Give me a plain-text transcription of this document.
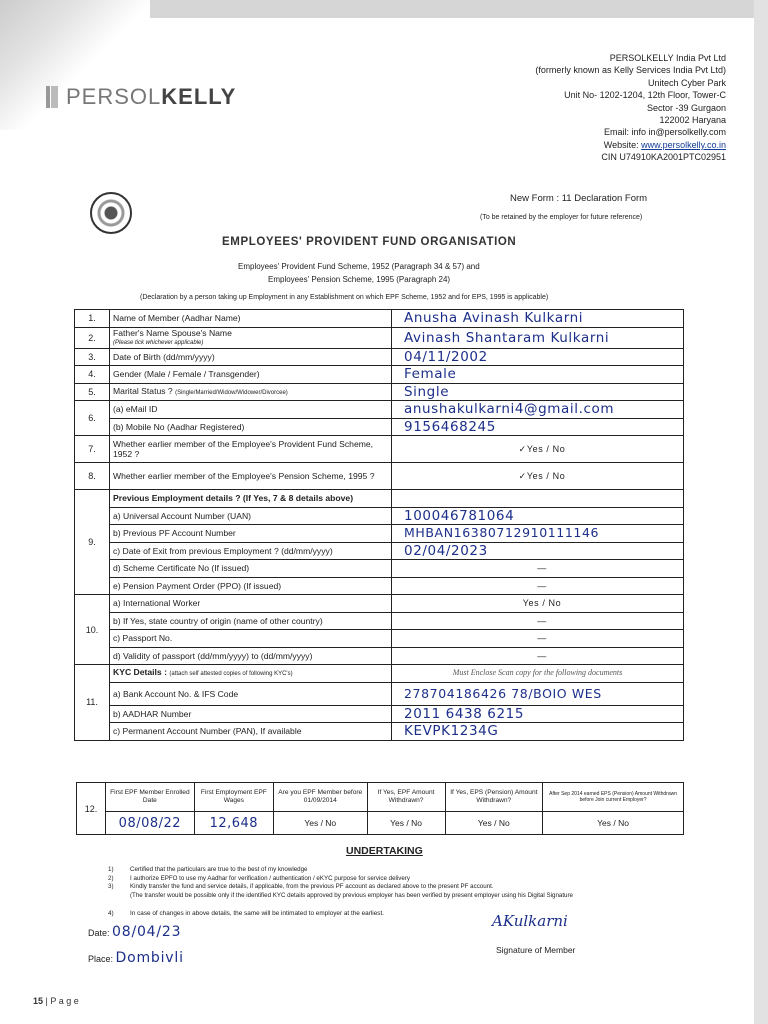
PERSOLKELLY
PERSOLKELLY India Pvt Ltd
(formerly known as Kelly Services India Pvt Ltd)
Unitech Cyber Park
Unit No- 1202-1204, 12th Floor, Tower-C
Sector -39 Gurgaon
122002 Haryana
Email: info in@persolkelly.com
Website: www.persolkelly.co.in
CIN U74910KA2001PTC02951
New Form : 11 Declaration Form
(To be retained by the employer for future reference)
EMPLOYEES' PROVIDENT FUND ORGANISATION
Employees' Provident Fund Scheme, 1952 (Paragraph 34 & 57) and
Employees' Pension Scheme, 1995 (Paragraph 24)
(Declaration by a person taking up Employment in any Establishment on which EPF Scheme, 1952 and for EPS, 1995 is applicable)
1.	Name of Member (Aadhar Name)	Anusha Avinash Kulkarni
2.	Father's Name Spouse's Name
(Please tick whichever applicable)	Avinash Shantaram Kulkarni
3.	Date of Birth (dd/mm/yyyy)	04/11/2002
4.	Gender (Male / Female / Transgender)	Female
5.	Marital Status ? (Single/Married/Widow/Widower/Divorcee)	Single
6.	(a) eMail ID	anushakulkarni4@gmail.com
	(b) Mobile No (Aadhar Registered)	9156468245
7.	Whether earlier member of the Employee's Provident Fund Scheme, 1952 ?	✓Yes / No
8.	Whether earlier member of the Employee's Pension Scheme, 1995 ?	✓Yes / No
9.	Previous Employment details ? (If Yes, 7 & 8 details above)	
	a) Universal Account Number (UAN)	100046781064
	b) Previous PF Account Number	MHBAN16380712910111146
	c) Date of Exit from previous Employment ? (dd/mm/yyyy)	02/04/2023
	d) Scheme Certificate No (If issued)	—
	e) Pension Payment Order (PPO) (If issued)	—
10.	a) International Worker	Yes / No
	b) If Yes, state country of origin (name of other country)	—
	c) Passport No.	—
	d) Validity of passport (dd/mm/yyyy) to (dd/mm/yyyy)	—
11.	KYC Details : (attach self attested copies of following KYC's)	Must Enclose Scan copy for the following documents
	a) Bank Account No. & IFS Code	278704186426 78/BOIO WES
	b) AADHAR Number	2011 6438 6215
	c) Permanent Account Number (PAN), If available	KEVPK1234G
12.	First EPF Member Enrolled Date	First Employment EPF Wages	Are you EPF Member before 01/09/2014	If Yes, EPF Amount Withdrawn?	If Yes, EPS (Pension) Amount Withdrawn?	After Sep 2014 earned EPS (Pension) Amount Withdrawn before Join current Employer?
	08/08/22	12,648	Yes / No	Yes / No	Yes / No	Yes / No
UNDERTAKING
1)	Certified that the particulars are true to the best of my knowledge
2)	I authorize EPFO to use my Aadhar for verification / authentication / eKYC purpose for service delivery
3)	Kindly transfer the fund and service details, if applicable, from the previous PF account as declared above to the present PF account.
(The transfer would be possible only if the identified KYC details approved by previous employer has been verified by present employer using his Digital Signature
4)	In case of changes in above details, the same will be intimated to employer at the earliest.
Date: 08/04/23
Place: Dombivli
AKulkarni
Signature of Member
15 | P a g e
